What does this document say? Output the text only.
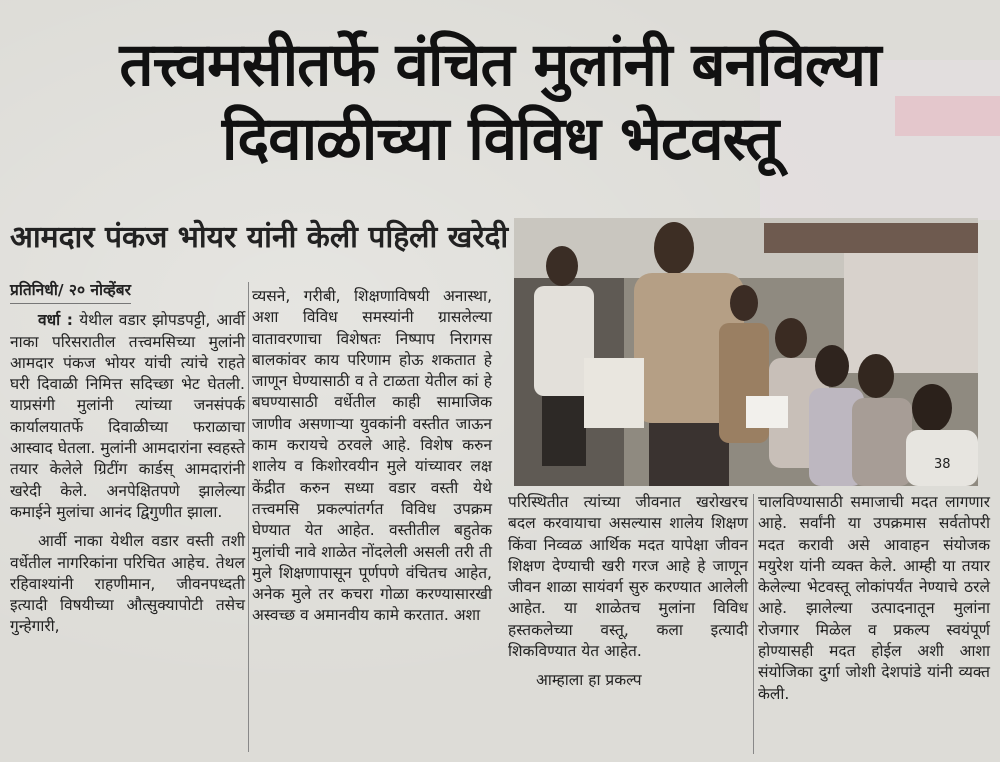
तत्त्वमसीतर्फे वंचित मुलांनी बनविल्या
दिवाळीच्या विविध भेटवस्तू
आमदार पंकज भोयर यांनी केली पहिली खरेदी

प्रतिनिधी/ २० नोव्हेंबर

वर्धा : येथील वडार झोपडपट्टी, आर्वी नाका परिसरातील तत्त्वमसिच्या मुलांनी आमदार पंकज भोयर यांची त्यांचे राहते घरी दिवाळी निमित्त सदिच्छा भेट घेतली. याप्रसंगी मुलांनी त्यांच्या जनसंपर्क कार्यालयातर्फे दिवाळीच्या फराळाचा आस्वाद घेतला. मुलांनी आमदारांना स्वहस्ते तयार केलेले ग्रिटींग कार्डस् आमदारांनी खरेदी केले. अनपेक्षितपणे झालेल्या कमाईने मुलांचा आनंद द्विगुणीत झाला.

आर्वी नाका येथील वडार वस्ती तशी वर्धेतील नागरिकांना परिचित आहेच. तेथल रहिवाश्यांनी राहणीमान, जीवनपध्दती इत्यादी विषयीच्या औत्सुक्यापोटी तसेच गुन्हेगारी,

व्यसने, गरीबी, शिक्षणाविषयी अनास्था, अशा विविध समस्यांनी ग्रासलेल्या वातावरणाचा विशेषतः निष्पाप निरागस बालकांवर काय परिणाम होऊ शकतात हे जाणून घेण्यासाठी व ते टाळता येतील कां हे बघण्यासाठी वर्धेतील काही सामाजिक जाणीव असणाऱ्या युवकांनी वस्तीत जाऊन काम करायचे ठरवले आहे. विशेष करुन शालेय व किशोरवयीन मुले यांच्यावर लक्ष केंद्रीत करुन सध्या वडार वस्ती येथे तत्त्वमसि प्रकल्पांतर्गत विविध उपक्रम घेण्यात येत आहेत. वस्तीतील बहुतेक मुलांची नावे शाळेत नोंदलेली असली तरी ती मुले शिक्षणापासून पूर्णपणे वंचितच आहेत, अनेक मुले तर कचरा गोळा करण्यासारखी अस्वच्छ व अमानवीय कामे करतात. अशा

38

परिस्थितीत त्यांच्या जीवनात खरोखरच बदल करवायाचा असल्यास शालेय शिक्षण किंवा निव्वळ आर्थिक मदत यापेक्षा जीवन शिक्षण देण्याची खरी गरज आहे हे जाणून जीवन शाळा सायंवर्ग सुरु करण्यात आलेली आहेत. या शाळेतच मुलांना विविध हस्तकलेच्या वस्तू, कला इत्यादी शिकविण्यात येत आहेत.

आम्हाला हा प्रकल्प

चालविण्यासाठी समाजाची मदत लागणार आहे. सर्वांनी या उपक्रमास सर्वतोपरी मदत करावी असे आवाहन संयोजक मयुरेश यांनी व्यक्त केले. आम्ही या तयार केलेल्या भेटवस्तू लोकांपर्यंत नेण्याचे ठरले आहे. झालेल्या उत्पादनातून मुलांना रोजगार मिळेल व प्रकल्प स्वयंपूर्ण होण्यासही मदत होईल अशी आशा संयोजिका दुर्गा जोशी देशपांडे यांनी व्यक्त केली.
